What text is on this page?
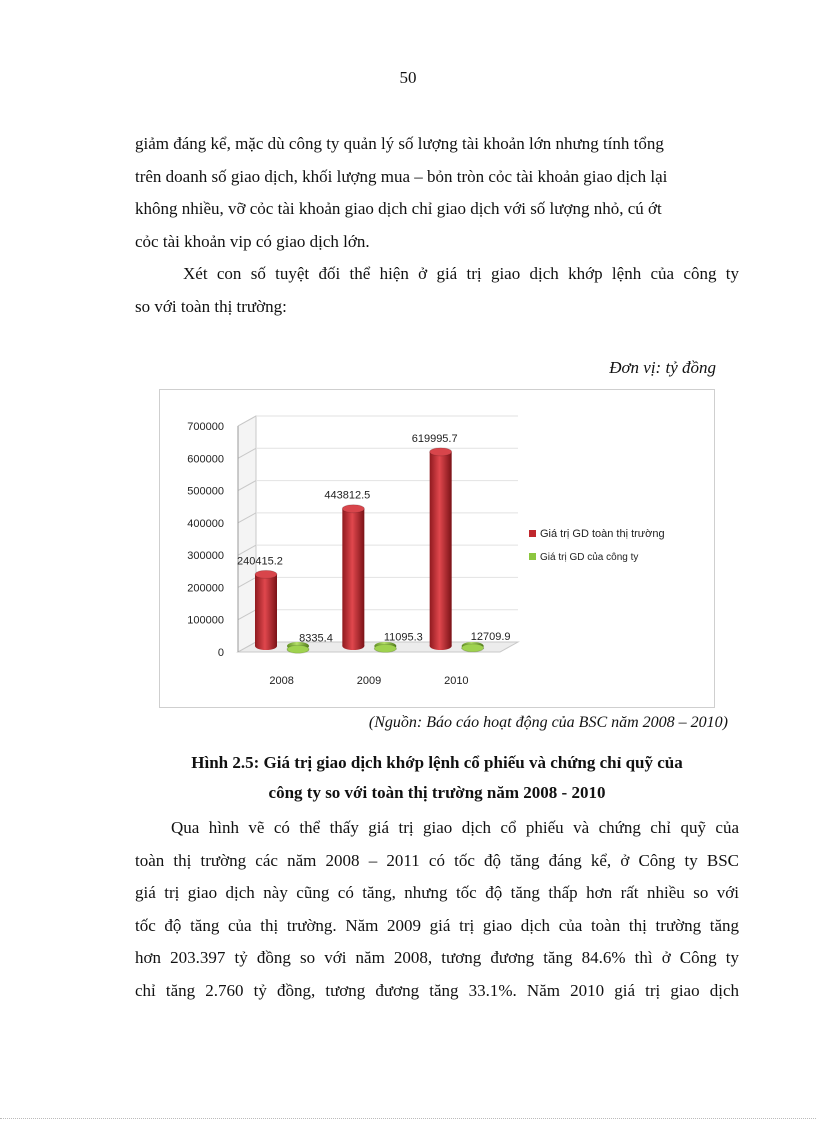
50
giảm đáng kể, mặc dù công ty quản lý số lượng tài khoản lớn nhưng tính tổng
trên doanh số giao dịch, khối lượng mua – bỏn tròn cỏc tài khoản giao dịch lại
không nhiều, vỡ cỏc tài khoản giao dịch chỉ giao dịch với số lượng nhỏ, cú ớt
cỏc tài khoản vip có giao dịch lớn.
Xét con số tuyệt đối thể hiện ở giá trị giao dịch khớp lệnh của công ty
so với toàn thị trường:
Đơn vị: tỷ đồng
0
100000
200000
300000
400000
500000
600000
700000
2008
240415.2
8335.4
2009
443812.5
11095.3
2010
619995.7
12709.9
Giá trị GD toàn thị trường
Giá trị GD của công ty
(Nguồn: Báo cáo hoạt động của BSC năm 2008 – 2010)
Hình 2.5: Giá trị giao dịch khớp lệnh cổ phiếu và chứng chỉ quỹ của
công ty so với toàn thị trường năm 2008 - 2010
Qua hình vẽ có thể thấy giá trị giao dịch cổ phiếu và chứng chỉ quỹ của
toàn thị trường các năm 2008 – 2011 có tốc độ tăng đáng kể, ở Công ty BSC
giá trị giao dịch này cũng có tăng, nhưng tốc độ tăng thấp hơn rất nhiều so với
tốc độ tăng của thị trường. Năm 2009 giá trị giao dịch của toàn thị trường tăng
hơn 203.397 tỷ đồng so với năm 2008, tương đương tăng 84.6% thì ở Công ty
chỉ tăng 2.760 tỷ đồng, tương đương tăng 33.1%. Năm 2010 giá trị giao dịch
